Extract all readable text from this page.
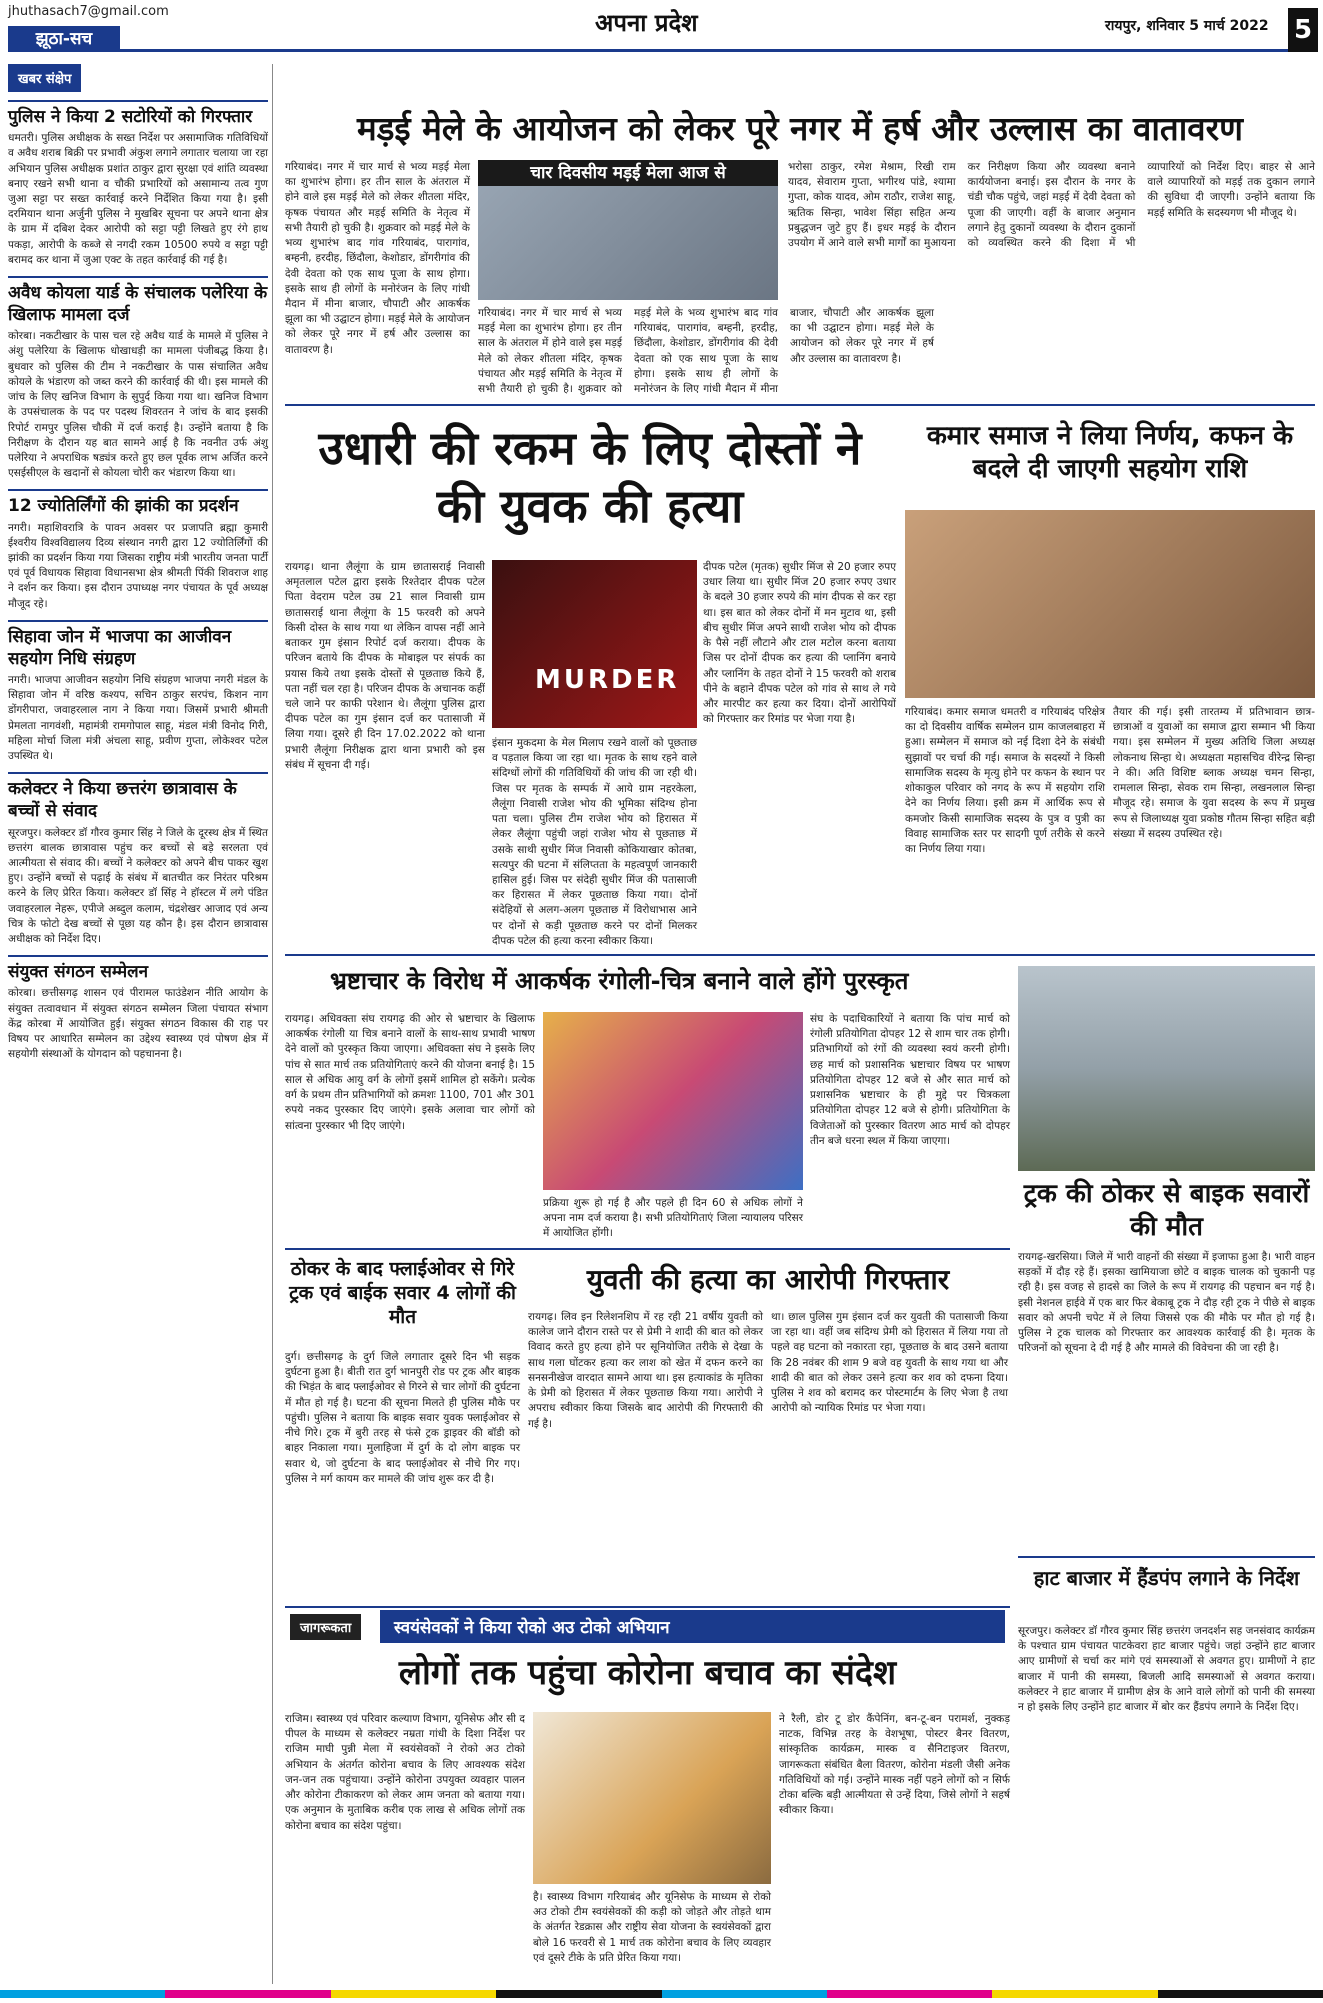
jhuthasach7@gmail.com
झूठा-सच
अपना प्रदेश	रायपुर, शनिवार 5 मार्च 2022 5
खबर संक्षेप
पुलिस ने किया 2 सटोरियों को गिरफ्तार
धमतरी। पुलिस अधीक्षक के सख्त निर्देश पर असामाजिक गतिविधियों व अवैध शराब बिक्री पर प्रभावी अंकुश लगाने लगातार चलाया जा रहा अभियान पुलिस अधीक्षक प्रशांत ठाकुर द्वारा सुरक्षा एवं शांति व्यवस्था बनाए रखने सभी थाना व चौकी प्रभारियों को असामान्य तत्व गुण जुआ सट्टा पर सख्त कार्रवाई करने निर्देशित किया गया है। इसी दरमियान थाना अर्जुनी पुलिस ने मुखबिर सूचना पर अपने थाना क्षेत्र के ग्राम में दबिश देकर आरोपी को सट्टा पट्टी लिखते हुए रंगे हाथ पकड़ा, आरोपी के कब्जे से नगदी रकम 10500 रुपये व सट्टा पट्टी बरामद कर थाना में जुआ एक्ट के तहत कार्रवाई की गई है।
अवैध कोयला यार्ड के संचालक पलेरिया के खिलाफ मामला दर्ज
कोरबा। नकटीखार के पास चल रहे अवैध यार्ड के मामले में पुलिस ने अंशु पलेरिया के खिलाफ धोखाधड़ी का मामला पंजीबद्ध किया है। बुधवार को पुलिस की टीम ने नकटीखार के पास संचालित अवैध कोयले के भंडारण को जब्त करने की कार्रवाई की थी। इस मामले की जांच के लिए खनिज विभाग के सुपुर्द किया गया था। खनिज विभाग के उपसंचालक के पद पर पदस्थ शिवरतन ने जांच के बाद इसकी रिपोर्ट रामपुर पुलिस चौकी में दर्ज कराई है। उन्होंने बताया है कि निरीक्षण के दौरान यह बात सामने आई है कि नवनीत उर्फ अंशु पलेरिया ने अपराधिक षड्यंत्र करते हुए छल पूर्वक लाभ अर्जित करने एसईसीएल के खदानों से कोयला चोरी कर भंडारण किया था।
12 ज्योतिर्लिंगों की झांकी का प्रदर्शन
नगरी। महाशिवरात्रि के पावन अवसर पर प्रजापति ब्रह्मा कुमारी ईश्वरीय विश्वविद्यालय दिव्य संस्थान नगरी द्वारा 12 ज्योतिर्लिंगों की झांकी का प्रदर्शन किया गया जिसका राष्ट्रीय मंत्री भारतीय जनता पार्टी एवं पूर्व विधायक सिहावा विधानसभा क्षेत्र श्रीमती पिंकी शिवराज शाह ने दर्शन कर किया। इस दौरान उपाध्यक्ष नगर पंचायत के पूर्व अध्यक्ष मौजूद रहे।
सिहावा जोन में भाजपा का आजीवन सहयोग निधि संग्रहण
नगरी। भाजपा आजीवन सहयोग निधि संग्रहण भाजपा नगरी मंडल के सिहावा जोन में वरिष्ठ कश्यप, सचिन ठाकुर सरपंच, किशन नाग डोंगरीपारा, जवाहरलाल नाग ने किया गया। जिसमें प्रभारी श्रीमती प्रेमलता नागवंशी, महामंत्री रामगोपाल साहू, मंडल मंत्री विनोद गिरी, महिला मोर्चा जिला मंत्री अंचला साहू, प्रवीण गुप्ता, लोकेश्वर पटेल उपस्थित थे।
कलेक्टर ने किया छत्तरंग छात्रावास के बच्चों से संवाद
सूरजपुर। कलेक्टर डॉ गौरव कुमार सिंह ने जिले के दूरस्थ क्षेत्र में स्थित छत्तरंग बालक छात्रावास पहुंच कर बच्चों से बड़े सरलता एवं आत्मीयता से संवाद की। बच्चों ने कलेक्टर को अपने बीच पाकर खुश हुए। उन्होंने बच्चों से पढ़ाई के संबंध में बातचीत कर निरंतर परिश्रम करने के लिए प्रेरित किया। कलेक्टर डॉ सिंह ने हॉस्टल में लगे पंडित जवाहरलाल नेहरू, एपीजे अब्दुल कलाम, चंद्रशेखर आजाद एवं अन्य चित्र के फोटो देख बच्चों से पूछा यह कौन है। इस दौरान छात्रावास अधीक्षक को निर्देश दिए।
संयुक्त संगठन सम्मेलन
कोरबा। छत्तीसगढ़ शासन एवं पीरामल फाउंडेशन नीति आयोग के संयुक्त तत्वावधान में संयुक्त संगठन सम्मेलन जिला पंचायत संभाग केंद्र कोरबा में आयोजित हुई। संयुक्त संगठन विकास की राह पर विषय पर आधारित सम्मेलन का उद्देश्य स्वास्थ्य एवं पोषण क्षेत्र में सहयोगी संस्थाओं के योगदान को पहचानना है।
मड़ई मेले के आयोजन को लेकर पूरे नगर में हर्ष और उल्लास का वातावरण
गरियाबंद। नगर में चार मार्च से भव्य मड़ई मेला का शुभारंभ होगा। हर तीन साल के अंतराल में होने वाले इस मड़ई मेले को लेकर शीतला मंदिर, कृषक पंचायत और मड़ई समिति के नेतृत्व में सभी तैयारी हो चुकी है। शुक्रवार को मड़ई मेले के भव्य शुभारंभ बाद गांव गरियाबंद, पारागांव, बम्हनी, हरदीह, छिंदौला, केशोडार, डोंगरीगांव की देवी देवता को एक साथ पूजा के साथ होगा। इसके साथ ही लोगों के मनोरंजन के लिए गांधी मैदान में मीना बाजार, चौपाटी और आकर्षक झूला का भी उद्घाटन होगा। मड़ई मेले के आयोजन को लेकर पूरे नगर में हर्ष और उल्लास का वातावरण है।
चार दिवसीय मड़ई मेला आज से
गरियाबंद। नगर में चार मार्च से भव्य मड़ई मेला का शुभारंभ होगा। हर तीन साल के अंतराल में होने वाले इस मड़ई मेले को लेकर शीतला मंदिर, कृषक पंचायत और मड़ई समिति के नेतृत्व में सभी तैयारी हो चुकी है। शुक्रवार को मड़ई मेले के भव्य शुभारंभ बाद गांव गरियाबंद, पारागांव, बम्हनी, हरदीह, छिंदौला, केशोडार, डोंगरीगांव की देवी देवता को एक साथ पूजा के साथ होगा। इसके साथ ही लोगों के मनोरंजन के लिए गांधी मैदान में मीना बाजार, चौपाटी और आकर्षक झूला का भी उद्घाटन होगा। मड़ई मेले के आयोजन को लेकर पूरे नगर में हर्ष और उल्लास का वातावरण है।
भरोसा ठाकुर, रमेश मेश्राम, रिखी राम यादव, सेवाराम गुप्ता, भगीरथ पांडे, श्यामा गुप्ता, कोक यादव, ओम राठौर, राजेश साहू, ऋतिक सिन्हा, भावेश सिंहा सहित अन्य प्रबुद्धजन जुटे हुए हैं। इधर मड़ई के दौरान उपयोग में आने वाले सभी मार्गों का मुआयना कर निरीक्षण किया और व्यवस्था बनाने कार्ययोजना बनाई। इस दौरान के नगर के चंडी चौक पहुंचे, जहां मड़ई में देवी देवता को पूजा की जाएगी। वहीं के बाजार अनुमान लगाने हेतु दुकानों व्यवस्था के दौरान दुकानों को व्यवस्थित करने की दिशा में भी व्यापारियों को निर्देश दिए। बाहर से आने वाले व्यापारियों को मड़ई तक दुकान लगाने की सुविधा दी जाएगी। उन्होंने बताया कि मड़ई समिति के सदस्यगण भी मौजूद थे।
उधारी की रकम के लिए दोस्तों ने की युवक की हत्या
रायगढ़। थाना लैलूंगा के ग्राम छातासराई निवासी अमृतलाल पटेल द्वारा इसके रिश्तेदार दीपक पटेल पिता वेदराम पटेल उम्र 21 साल निवासी ग्राम छातासराई थाना लैलूंगा के 15 फरवरी को अपने किसी दोस्त के साथ गया था लेकिन वापस नहीं आने बताकर गुम इंसान रिपोर्ट दर्ज कराया। दीपक के परिजन बताये कि दीपक के मोबाइल पर संपर्क का प्रयास किये तथा इसके दोस्तों से पूछताछ किये हैं, पता नहीं चल रहा है। परिजन दीपक के अचानक कहीं चले जाने पर काफी परेशान थे। लैलूंगा पुलिस द्वारा दीपक पटेल का गुम इंसान दर्ज कर पतासाजी में लिया गया। दूसरे ही दिन 17.02.2022 को थाना प्रभारी लैलूंगा निरीक्षक द्वारा थाना प्रभारी को इस संबंध में सूचना दी गई।
MURDER
इंसान मुकदमा के मेल मिलाप रखने वालों को पूछताछ व पड़ताल किया जा रहा था। मृतक के साथ रहने वाले संदिग्धों लोगों की गतिविधियों की जांच की जा रही थी। जिस पर मृतक के सम्पर्क में आये ग्राम नहरकेला, लैलूंगा निवासी राजेश भोय की भूमिका संदिग्ध होना पता चला। पुलिस टीम राजेश भोय को हिरासत में लेकर लैलूंगा पहुंची जहां राजेश भोय से पूछताछ में उसके साथी सुधीर मिंज निवासी कोकियाखार कोतबा, सत्यपुर की घटना में संलिप्तता के महत्वपूर्ण जानकारी हासिल हुई। जिस पर संदेही सुधीर मिंज की पतासाजी कर हिरासत में लेकर पूछताछ किया गया। दोनों संदेहियों से अलग-अलग पूछताछ में विरोधाभास आने पर दोनों से कड़ी पूछताछ करने पर दोनों मिलकर दीपक पटेल की हत्या करना स्वीकार किया।
दीपक पटेल (मृतक) सुधीर मिंज से 20 हजार रुपए उधार लिया था। सुधीर मिंज 20 हजार रुपए उधार के बदले 30 हजार रुपये की मांग दीपक से कर रहा था। इस बात को लेकर दोनों में मन मुटाव था, इसी बीच सुधीर मिंज अपने साथी राजेश भोय को दीपक के पैसे नहीं लौटाने और टाल मटोल करना बताया जिस पर दोनों दीपक कर हत्या की प्लानिंग बनाये और प्लानिंग के तहत दोनों ने 15 फरवरी को शराब पीने के बहाने दीपक पटेल को गांव से साथ ले गये और मारपीट कर हत्या कर दिया। दोनों आरोपियों को गिरफ्तार कर रिमांड पर भेजा गया है।
कमार समाज ने लिया निर्णय, कफन के बदले दी जाएगी सहयोग राशि
गरियाबंद। कमार समाज धमतरी व गरियाबंद परिक्षेत्र का दो दिवसीय वार्षिक सम्मेलन ग्राम काजलबाहरा में हुआ। सम्मेलन में समाज को नई दिशा देने के संबंधी सुझावों पर चर्चा की गई। समाज के सदस्यों ने किसी सामाजिक सदस्य के मृत्यु होने पर कफन के स्थान पर शोकाकुल परिवार को नगद के रूप में सहयोग राशि देने का निर्णय लिया। इसी क्रम में आर्थिक रूप से कमजोर किसी सामाजिक सदस्य के पुत्र व पुत्री का विवाह सामाजिक स्तर पर सादगी पूर्ण तरीके से करने का निर्णय लिया गया।
तैयार की गई। इसी तारतम्य में प्रतिभावान छात्र-छात्राओं व युवाओं का समाज द्वारा सम्मान भी किया गया। इस सम्मेलन में मुख्य अतिथि जिला अध्यक्ष लोकनाथ सिन्हा थे। अध्यक्षता महासचिव वीरेन्द्र सिन्हा ने की। अति विशिष्ट ब्लाक अध्यक्ष चमन सिन्हा, रामलाल सिन्हा, सेवक राम सिन्हा, लखनलाल सिन्हा मौजूद रहे। समाज के युवा सदस्य के रूप में प्रमुख रूप से जिलाध्यक्ष युवा प्रकोष्ठ गौतम सिन्हा सहित बड़ी संख्या में सदस्य उपस्थित रहे।
भ्रष्टाचार के विरोध में आकर्षक रंगोली-चित्र बनाने वाले होंगे पुरस्कृत
रायगढ़। अधिवक्ता संघ रायगढ़ की ओर से भ्रष्टाचार के खिलाफ आकर्षक रंगोली या चित्र बनाने वालों के साथ-साथ प्रभावी भाषण देने वालों को पुरस्कृत किया जाएगा। अधिवक्ता संघ ने इसके लिए पांच से सात मार्च तक प्रतियोगिताएं करने की योजना बनाई है। 15 साल से अधिक आयु वर्ग के लोगों इसमें शामिल हो सकेंगे। प्रत्येक वर्ग के प्रथम तीन प्रतिभागियों को क्रमशः 1100, 701 और 301 रुपये नकद पुरस्कार दिए जाएंगे। इसके अलावा चार लोगों को सांत्वना पुरस्कार भी दिए जाएंगे।
प्रक्रिया शुरू हो गई है और पहले ही दिन 60 से अधिक लोगों ने अपना नाम दर्ज कराया है। सभी प्रतियोगिताएं जिला न्यायालय परिसर में आयोजित होंगी।
संघ के पदाधिकारियों ने बताया कि पांच मार्च को रंगोली प्रतियोगिता दोपहर 12 से शाम चार तक होगी। प्रतिभागियों को रंगों की व्यवस्था स्वयं करनी होगी। छह मार्च को प्रशासनिक भ्रष्टाचार विषय पर भाषण प्रतियोगिता दोपहर 12 बजे से और सात मार्च को प्रशासनिक भ्रष्टाचार के ही मुद्दे पर चित्रकला प्रतियोगिता दोपहर 12 बजे से होगी। प्रतियोगिता के विजेताओं को पुरस्कार वितरण आठ मार्च को दोपहर तीन बजे धरना स्थल में किया जाएगा।
ट्रक की ठोकर से बाइक सवारों की मौत
रायगढ़-खरसिया। जिले में भारी वाहनों की संख्या में इजाफा हुआ है। भारी वाहन सड़कों में दौड़ रहे हैं। इसका खामियाजा छोटे व बाइक चालक को चुकानी पड़ रही है। इस वजह से हादसे का जिले के रूप में रायगढ़ की पहचान बन गई है। इसी नेशनल हाईवे में एक बार फिर बेकाबू ट्रक ने दौड़ रही ट्रक ने पीछे से बाइक सवार को अपनी चपेट में ले लिया जिससे एक की मौके पर मौत हो गई है। पुलिस ने ट्रक चालक को गिरफ्तार कर आवश्यक कार्रवाई की है। मृतक के परिजनों को सूचना दे दी गई है और मामले की विवेचना की जा रही है।
ठोकर के बाद फ्लाईओवर से गिरे ट्रक एवं बाईक सवार 4 लोगों की मौत
दुर्ग। छत्तीसगढ़ के दुर्ग जिले लगातार दूसरे दिन भी सड़क दुर्घटना हुआ है। बीती रात दुर्ग भानपुरी रोड पर ट्रक और बाइक की भिड़ंत के बाद फ्लाईओवर से गिरने से चार लोगों की दुर्घटना में मौत हो गई है। घटना की सूचना मिलते ही पुलिस मौके पर पहुंची। पुलिस ने बताया कि बाइक सवार युवक फ्लाईओवर से नीचे गिरे। ट्रक में बुरी तरह से फंसे ट्रक ड्राइवर की बॉडी को बाहर निकाला गया। मुलाहिजा में दुर्ग के दो लोग बाइक पर सवार थे, जो दुर्घटना के बाद फ्लाईओवर से नीचे गिर गए। पुलिस ने मर्ग कायम कर मामले की जांच शुरू कर दी है।
युवती की हत्या का आरोपी गिरफ्तार
रायगढ़। लिव इन रिलेशनशिप में रह रही 21 वर्षीय युवती को कालेज जाने दौरान रास्ते पर से प्रेमी ने शादी की बात को लेकर विवाद करते हुए हत्या होने पर सूनियोजित तरीके से देखा के साथ गला घोंटकर हत्या कर लाश को खेत में दफन करने का सनसनीखेज वारदात सामने आया था। इस हत्याकांड के मृतिका के प्रेमी को हिरासत में लेकर पूछताछ किया गया। आरोपी ने अपराध स्वीकार किया जिसके बाद आरोपी की गिरफ्तारी की गई है।
था। छाल पुलिस गुम इंसान दर्ज कर युवती की पतासाजी किया जा रहा था। वहीं जब संदिग्ध प्रेमी को हिरासत में लिया गया तो पहले वह घटना को नकारता रहा, पूछताछ के बाद उसने बताया कि 28 नवंबर की शाम 9 बजे वह युवती के साथ गया था और शादी की बात को लेकर उसने हत्या कर शव को दफना दिया। पुलिस ने शव को बरामद कर पोस्टमार्टम के लिए भेजा है तथा आरोपी को न्यायिक रिमांड पर भेजा गया।
हाट बाजार में हैंडपंप लगाने के निर्देश
सूरजपुर। कलेक्टर डॉ गौरव कुमार सिंह छत्तरंग जनदर्शन सह जनसंवाद कार्यक्रम के पश्चात ग्राम पंचायत पाटकेवरा हाट बाजार पहुंचे। जहां उन्होंने हाट बाजार आए ग्रामीणों से चर्चा कर मांगे एवं समस्याओं से अवगत हुए। ग्रामीणों ने हाट बाजार में पानी की समस्या, बिजली आदि समस्याओं से अवगत कराया। कलेक्टर ने हाट बाजार में ग्रामीण क्षेत्र के आने वाले लोगों को पानी की समस्या न हो इसके लिए उन्होंने हाट बाजार में बोर कर हैंडपंप लगाने के निर्देश दिए।
जागरूकता	स्वयंसेवकों ने किया रोको अउ टोको अभियान
लोगों तक पहुंचा कोरोना बचाव का संदेश
राजिम। स्वास्थ्य एवं परिवार कल्याण विभाग, यूनिसेफ और सी द पीपल के माध्यम से कलेक्टर नम्रता गांधी के दिशा निर्देश पर राजिम माघी पुन्नी मेला में स्वयंसेवकों ने रोको अउ टोको अभियान के अंतर्गत कोरोना बचाव के लिए आवश्यक संदेश जन-जन तक पहुंचाया। उन्होंने कोरोना उपयुक्त व्यवहार पालन और कोरोना टीकाकरण को लेकर आम जनता को बताया गया। एक अनुमान के मुताबिक करीब एक लाख से अधिक लोगों तक कोरोना बचाव का संदेश पहुंचा।
है। स्वास्थ्य विभाग गरियाबंद और यूनिसेफ के माध्यम से रोको अउ टोको टीम स्वयंसेवकों की कड़ी को जोड़ते और तोड़ते थाम के अंतर्गत रेडक्रास और राष्ट्रीय सेवा योजना के स्वयंसेवकों द्वारा बोले 16 फरवरी से 1 मार्च तक कोरोना बचाव के लिए व्यवहार एवं दूसरे टीके के प्रति प्रेरित किया गया।
ने रैली, डोर टू डोर कैंपेनिंग, बन-टू-बन परामर्श, नुक्कड़ नाटक, विभिन्न तरह के वेशभूषा, पोस्टर बैनर वितरण, सांस्कृतिक कार्यक्रम, मास्क व सैनिटाइजर वितरण, जागरूकता संबंधित बैला वितरण, कोरोना मंडली जैसी अनेक गतिविधियों को गई। उन्होंने मास्क नहीं पहने लोगों को न सिर्फ टोका बल्कि बड़ी आत्मीयता से उन्हें दिया, जिसे लोगों ने सहर्ष स्वीकार किया।
